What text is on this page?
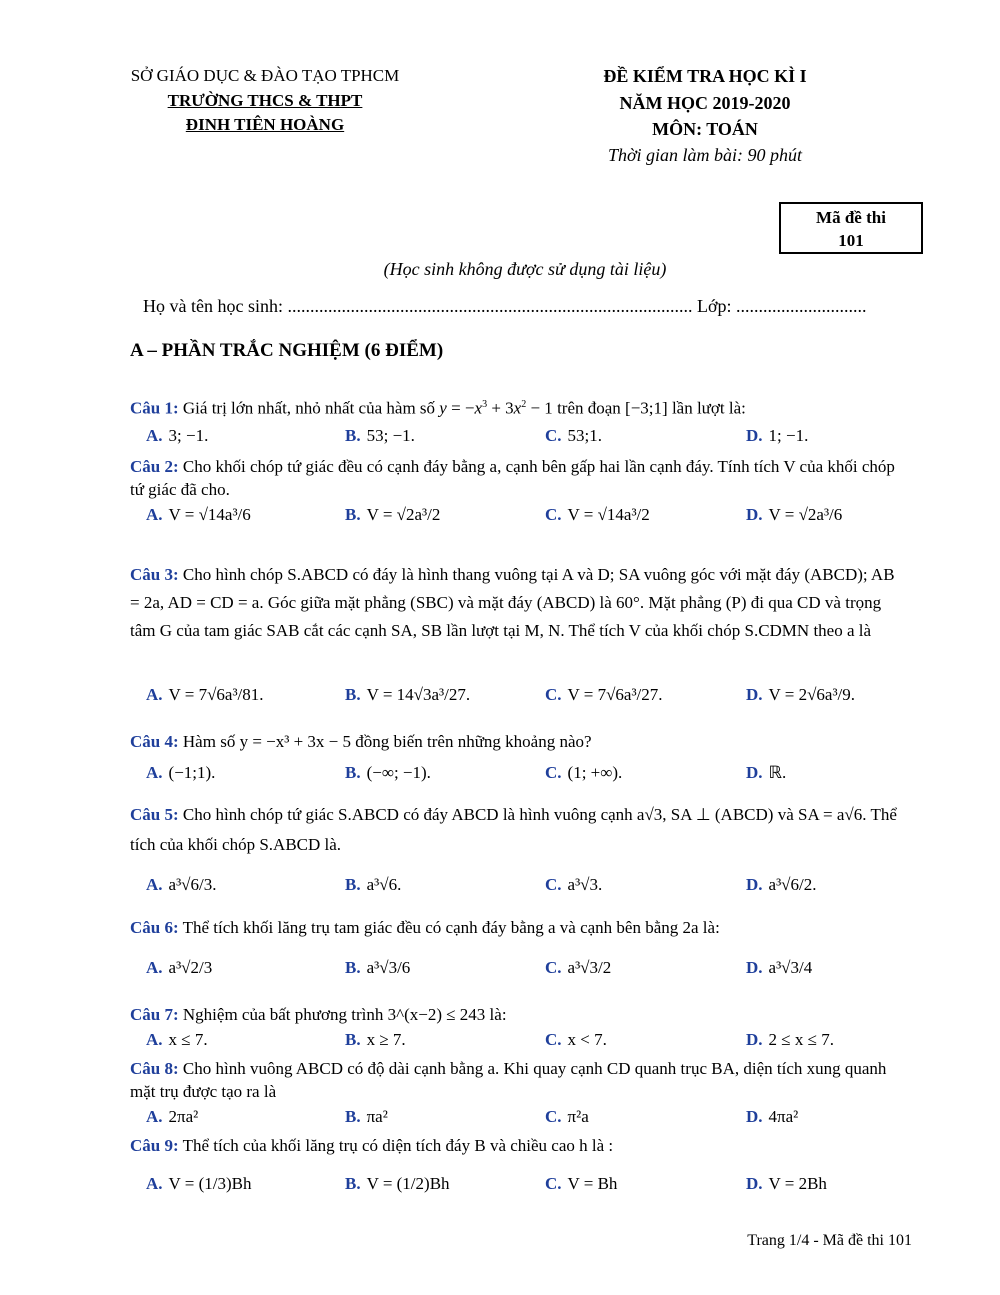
SỞ GIÁO DỤC & ĐÀO TẠO TPHCM
TRƯỜNG THCS & THPT
ĐINH TIÊN HOÀNG
ĐỀ KIỂM TRA HỌC KÌ I
NĂM HỌC 2019-2020
MÔN: TOÁN
Thời gian làm bài: 90 phút
Mã đề thi
101
(Học sinh không được sử dụng tài liệu)
Họ và tên học sinh: .......................................................................................... Lớp: .............................
A – PHẦN TRẮC NGHIỆM (6 ĐIỂM)
Câu 1: Giá trị lớn nhất, nhỏ nhất của hàm số $y = -x^3 + 3x^2 - 1$ trên đoạn [−3;1] lần lượt là:
A. 3; −1.	B. 53; −1.	C. 53;1.	D. 1; −1.
Câu 2: Cho khối chóp tứ giác đều có cạnh đáy bằng a, cạnh bên gấp hai lần cạnh đáy. Tính tích V của khối chóp tứ giác đã cho.
A. V = √14a³/6	B. V = √2a³/2	C. V = √14a³/2	D. V = √2a³/6
Câu 3: Cho hình chóp S.ABCD có đáy là hình thang vuông tại A và D; SA vuông góc với mặt đáy (ABCD); AB = 2a, AD = CD = a. Góc giữa mặt phẳng (SBC) và mặt đáy (ABCD) là 60°. Mặt phẳng (P) đi qua CD và trọng tâm G của tam giác SAB cắt các cạnh SA, SB lần lượt tại M, N. Thể tích V của khối chóp S.CDMN theo a là
A. V = 7√6a³/81.	B. V = 14√3a³/27.	C. V = 7√6a³/27.	D. V = 2√6a³/9.
Câu 4: Hàm số y = −x³ + 3x − 5 đồng biến trên những khoảng nào?
A. (−1;1).	B. (−∞; −1).	C. (1; +∞).	D. ℝ.
Câu 5: Cho hình chóp tứ giác S.ABCD có đáy ABCD là hình vuông cạnh a√3, SA ⊥ (ABCD) và SA = a√6. Thể tích của khối chóp S.ABCD là.
A. a³√6/3.	B. a³√6.	C. a³√3.	D. a³√6/2.
Câu 6: Thể tích khối lăng trụ tam giác đều có cạnh đáy bằng a và cạnh bên bằng 2a là:
A. a³√2/3	B. a³√3/6	C. a³√3/2	D. a³√3/4
Câu 7: Nghiệm của bất phương trình 3^(x−2) ≤ 243 là:
A. x ≤ 7.	B. x ≥ 7.	C. x < 7.	D. 2 ≤ x ≤ 7.
Câu 8: Cho hình vuông ABCD có độ dài cạnh bằng a. Khi quay cạnh CD quanh trục BA, diện tích xung quanh mặt trụ được tạo ra là
A. 2πa²	B. πa²	C. π²a	D. 4πa²
Câu 9: Thể tích của khối lăng trụ có diện tích đáy B và chiều cao h là :
A. V = (1/3)Bh	B. V = (1/2)Bh	C. V = Bh	D. V = 2Bh
Trang 1/4 - Mã đề thi 101
